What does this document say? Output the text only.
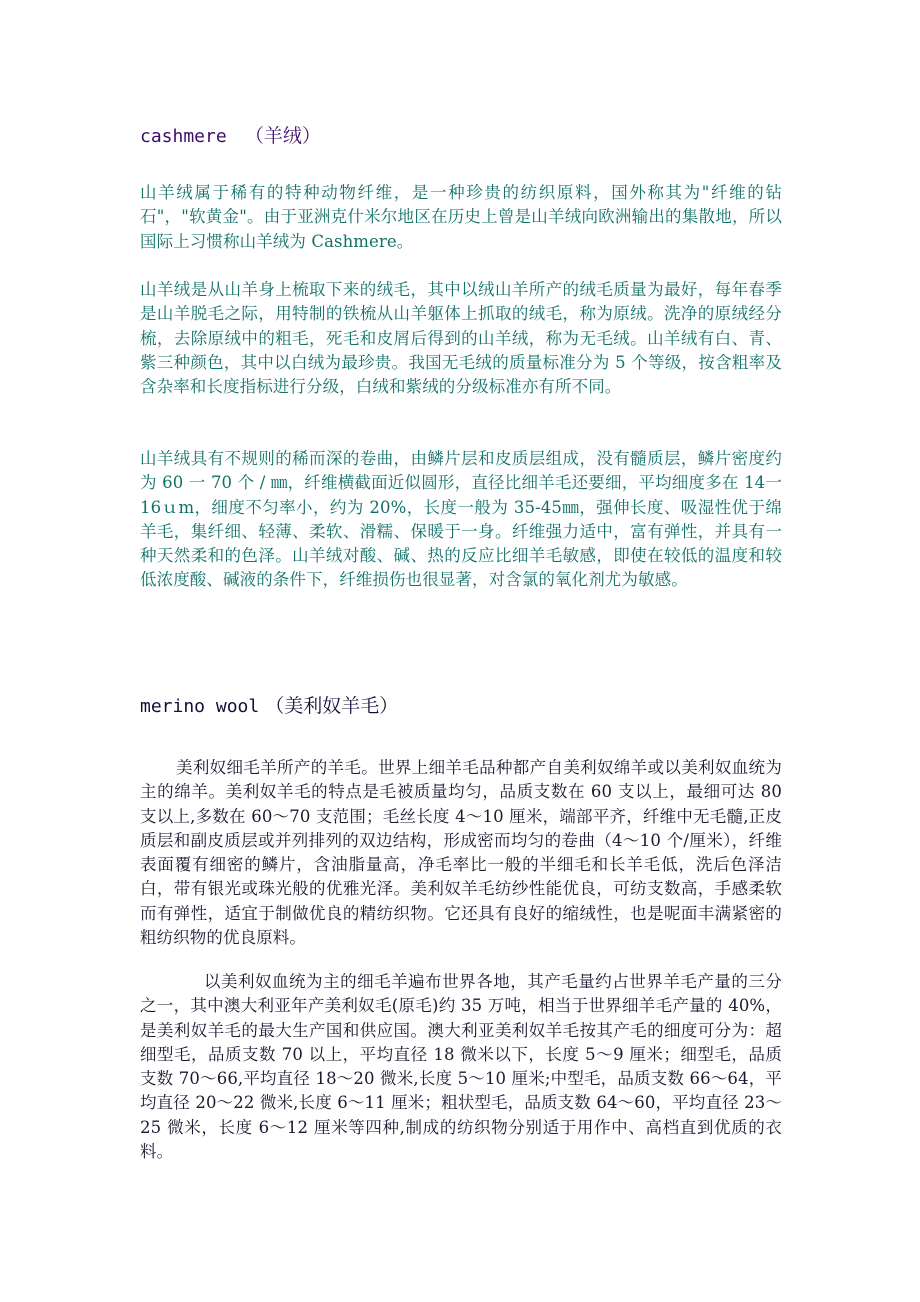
cashmere （羊绒）

山羊绒属于稀有的特种动物纤维，是一种珍贵的纺织原料，国外称其为"纤维的钻石"，"软黄金"。由于亚洲克什米尔地区在历史上曾是山羊绒向欧洲输出的集散地，所以国际上习惯称山羊绒为 Cashmere。

山羊绒是从山羊身上梳取下来的绒毛，其中以绒山羊所产的绒毛质量为最好，每年春季是山羊脱毛之际，用特制的铁梳从山羊躯体上抓取的绒毛，称为原绒。洗净的原绒经分梳，去除原绒中的粗毛，死毛和皮屑后得到的山羊绒，称为无毛绒。山羊绒有白、青、紫三种颜色，其中以白绒为最珍贵。我国无毛绒的质量标准分为 5 个等级，按含粗率及含杂率和长度指标进行分级，白绒和紫绒的分级标准亦有所不同。

山羊绒具有不规则的稀而深的卷曲，由鳞片层和皮质层组成，没有髓质层，鳞片密度约为 60 一 70 个 / ㎜，纤维横截面近似圆形，直径比细羊毛还要细，平均细度多在 14一16ｕm，细度不匀率小，约为 20%，长度一般为 35-45㎜，强伸长度、吸湿性优于绵羊毛，集纤细、轻薄、柔软、滑糯、保暖于一身。纤维强力适中，富有弹性，并具有一种天然柔和的色泽。山羊绒对酸、碱、热的反应比细羊毛敏感，即使在较低的温度和较低浓度酸、碱液的条件下，纤维损伤也很显著，对含氯的氧化剂尤为敏感。

merino wool （美利奴羊毛）

美利奴细毛羊所产的羊毛。世界上细羊毛品种都产自美利奴绵羊或以美利奴血统为主的绵羊。美利奴羊毛的特点是毛被质量均匀，品质支数在 60 支以上，最细可达 80 支以上,多数在 60～70 支范围；毛丝长度 4～10 厘米，端部平齐，纤维中无毛髓,正皮质层和副皮质层或并列排列的双边结构，形成密而均匀的卷曲（4～10 个/厘米），纤维表面覆有细密的鳞片，含油脂量高，净毛率比一般的半细毛和长羊毛低，洗后色泽洁白，带有银光或珠光般的优雅光泽。美利奴羊毛纺纱性能优良，可纺支数高，手感柔软而有弹性，适宜于制做优良的精纺织物。它还具有良好的缩绒性，也是呢面丰满紧密的粗纺织物的优良原料。

以美利奴血统为主的细毛羊遍布世界各地，其产毛量约占世界羊毛产量的三分之一，其中澳大利亚年产美利奴毛(原毛)约 35 万吨，相当于世界细羊毛产量的 40%，是美利奴羊毛的最大生产国和供应国。澳大利亚美利奴羊毛按其产毛的细度可分为：超细型毛，品质支数 70 以上，平均直径 18 微米以下，长度 5～9 厘米；细型毛，品质支数 70～66,平均直径 18～20 微米,长度 5～10 厘米;中型毛，品质支数 66～64，平均直径 20～22 微米,长度 6～11 厘米；粗状型毛，品质支数 64～60，平均直径 23～25 微米，长度 6～12 厘米等四种,制成的纺织物分别适于用作中、高档直到优质的衣料。
